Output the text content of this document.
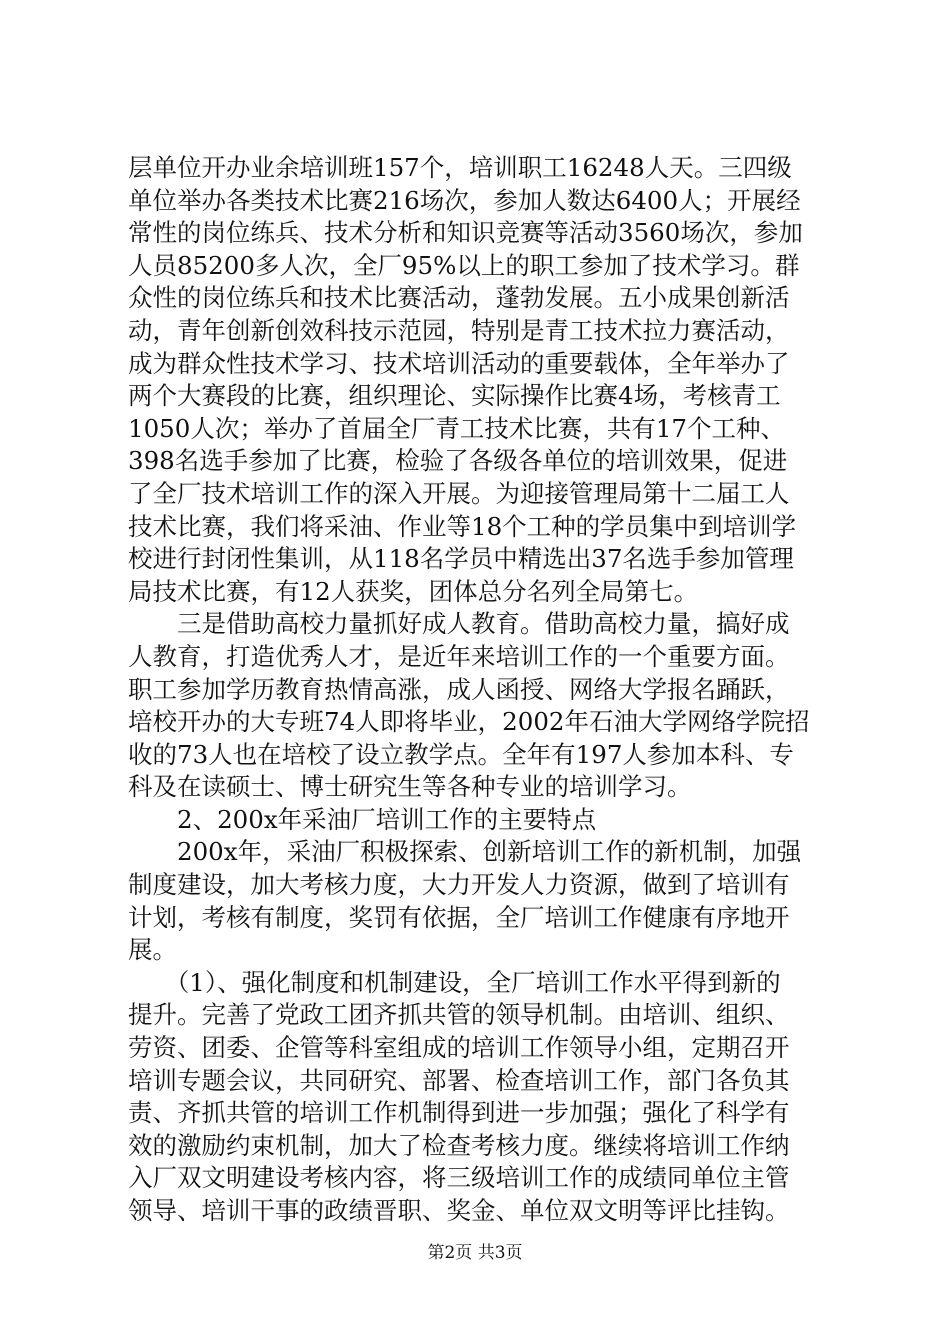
层单位开办业余培训班157个，培训职工16248人天。三四级
单位举办各类技术比赛216场次，参加人数达6400人；开展经
常性的岗位练兵、技术分析和知识竞赛等活动3560场次，参加
人员85200多人次，全厂95%以上的职工参加了技术学习。群
众性的岗位练兵和技术比赛活动，蓬勃发展。五小成果创新活
动，青年创新创效科技示范园，特别是青工技术拉力赛活动，
成为群众性技术学习、技术培训活动的重要载体，全年举办了
两个大赛段的比赛，组织理论、实际操作比赛4场，考核青工
1050人次；举办了首届全厂青工技术比赛，共有17个工种、
398名选手参加了比赛，检验了各级各单位的培训效果，促进
了全厂技术培训工作的深入开展。为迎接管理局第十二届工人
技术比赛，我们将采油、作业等18个工种的学员集中到培训学
校进行封闭性集训，从118名学员中精选出37名选手参加管理
局技术比赛，有12人获奖，团体总分名列全局第七。
　　三是借助高校力量抓好成人教育。借助高校力量，搞好成
人教育，打造优秀人才，是近年来培训工作的一个重要方面。
职工参加学历教育热情高涨，成人函授、网络大学报名踊跃，
培校开办的大专班74人即将毕业，2002年石油大学网络学院招
收的73人也在培校了设立教学点。全年有197人参加本科、专
科及在读硕士、博士研究生等各种专业的培训学习。
　　2、200x年采油厂培训工作的主要特点
　　200x年，采油厂积极探索、创新培训工作的新机制，加强
制度建设，加大考核力度，大力开发人力资源，做到了培训有
计划，考核有制度，奖罚有依据，全厂培训工作健康有序地开
展。
　　（1）、强化制度和机制建设，全厂培训工作水平得到新的
提升。完善了党政工团齐抓共管的领导机制。由培训、组织、
劳资、团委、企管等科室组成的培训工作领导小组，定期召开
培训专题会议，共同研究、部署、检查培训工作，部门各负其
责、齐抓共管的培训工作机制得到进一步加强；强化了科学有
效的激励约束机制，加大了检查考核力度。继续将培训工作纳
入厂双文明建设考核内容，将三级培训工作的成绩同单位主管
领导、培训干事的政绩晋职、奖金、单位双文明等评比挂钩。
第2页 共3页
